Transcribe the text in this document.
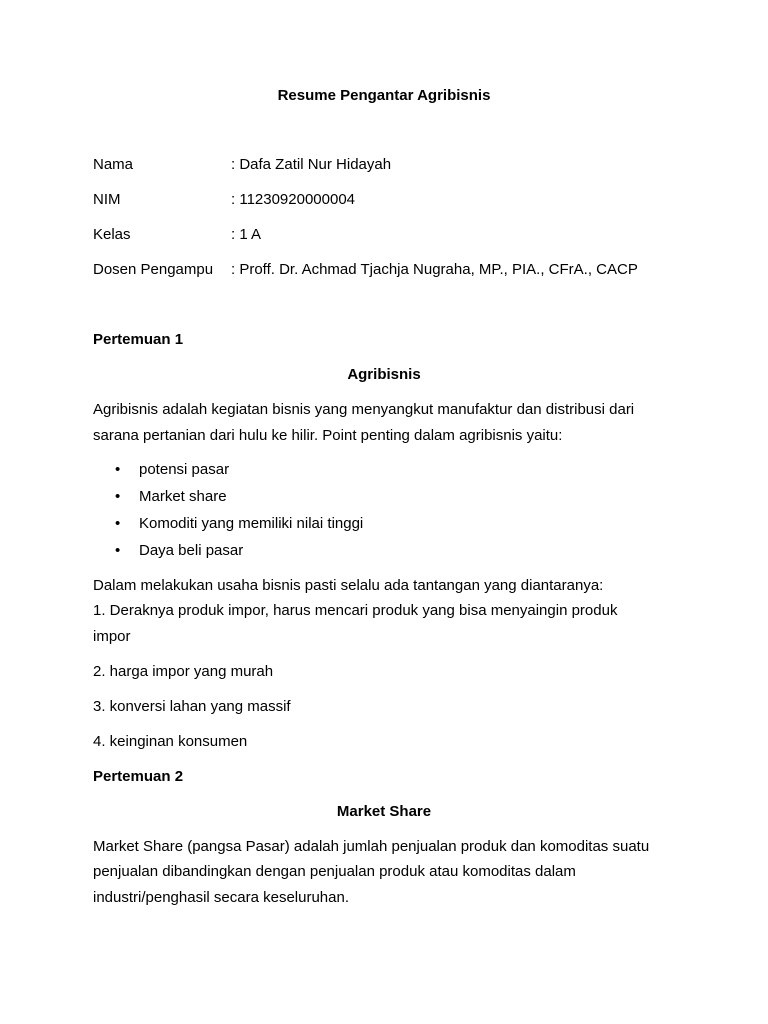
Resume Pengantar Agribisnis
Nama	: Dafa Zatil Nur Hidayah
NIM	: 11230920000004
Kelas	: 1 A
Dosen Pengampu : Proff. Dr. Achmad Tjachja Nugraha, MP., PIA., CFrA., CACP
Pertemuan 1
Agribisnis
Agribisnis adalah kegiatan bisnis yang menyangkut manufaktur dan distribusi dari
sarana pertanian dari hulu ke hilir. Point penting dalam agribisnis yaitu:
• potensi pasar
• Market share
• Komoditi yang memiliki nilai tinggi
• Daya beli pasar
Dalam melakukan usaha bisnis pasti selalu ada tantangan yang diantaranya:
1. Deraknya produk impor, harus mencari produk yang bisa menyaingin produk
impor
2. harga impor yang murah
3. konversi lahan yang massif
4. keinginan konsumen
Pertemuan 2
Market Share
Market Share (pangsa Pasar) adalah jumlah penjualan produk dan komoditas suatu
penjualan dibandingkan dengan penjualan produk atau komoditas dalam
industri/penghasil secara keseluruhan.
